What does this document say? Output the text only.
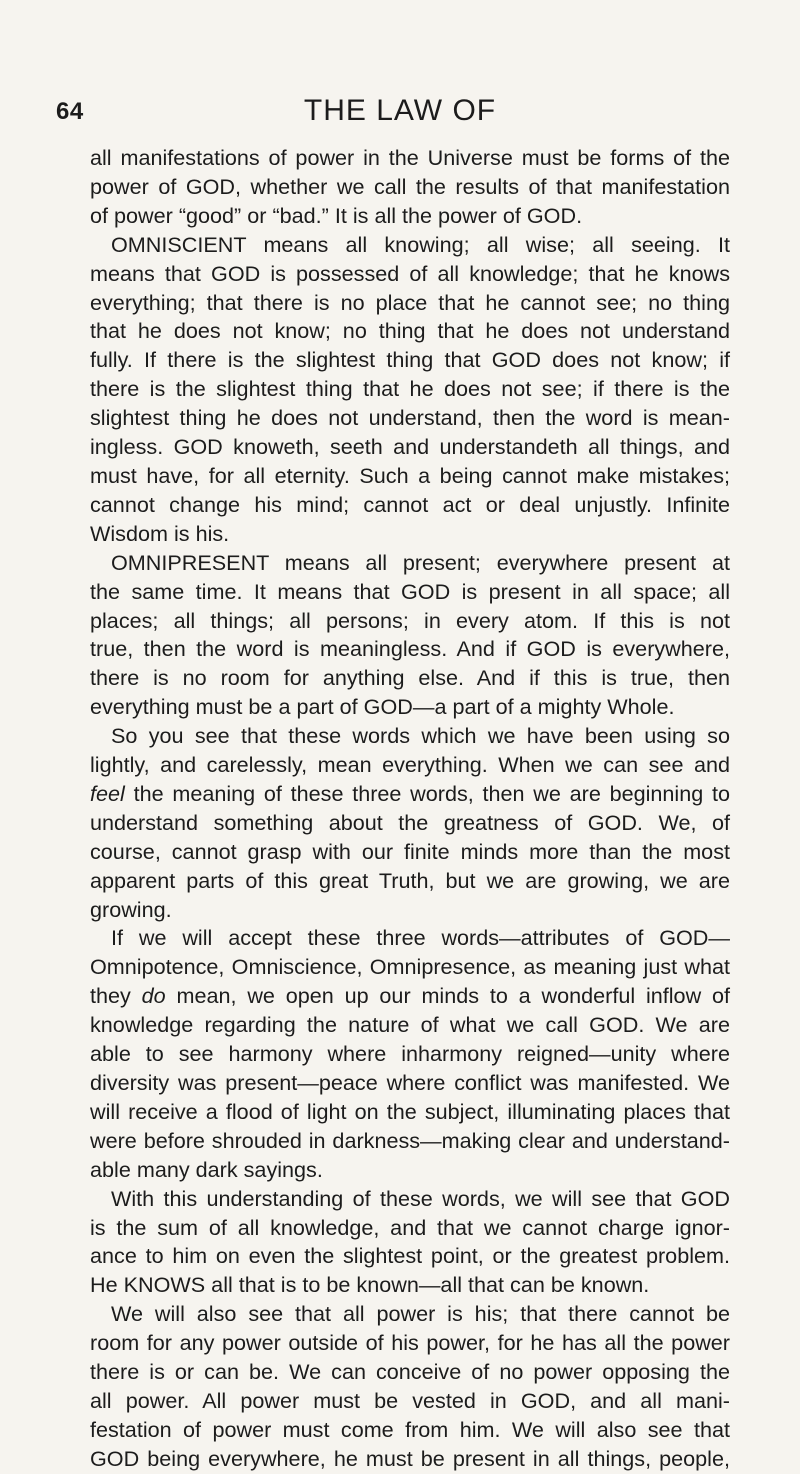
64	THE LAW OF
all manifestations of power in the Universe must be forms of the
power of GOD, whether we call the results of that manifestation
of power “good” or “bad.” It is all the power of GOD.
OMNISCIENT means all knowing; all wise; all seeing. It
means that GOD is possessed of all knowledge; that he knows
everything; that there is no place that he cannot see; no thing
that he does not know; no thing that he does not understand
fully. If there is the slightest thing that GOD does not know; if
there is the slightest thing that he does not see; if there is the
slightest thing he does not understand, then the word is mean-
ingless. GOD knoweth, seeth and understandeth all things, and
must have, for all eternity. Such a being cannot make mistakes;
cannot change his mind; cannot act or deal unjustly. Infinite
Wisdom is his.
OMNIPRESENT means all present; everywhere present at
the same time. It means that GOD is present in all space; all
places; all things; all persons; in every atom. If this is not
true, then the word is meaningless. And if GOD is everywhere,
there is no room for anything else. And if this is true, then
everything must be a part of GOD—a part of a mighty Whole.
So you see that these words which we have been using so
lightly, and carelessly, mean everything. When we can see and
feel the meaning of these three words, then we are beginning to
understand something about the greatness of GOD. We, of
course, cannot grasp with our finite minds more than the most
apparent parts of this great Truth, but we are growing, we are
growing.
If we will accept these three words—attributes of GOD—
Omnipotence, Omniscience, Omnipresence, as meaning just what
they do mean, we open up our minds to a wonderful inflow of
knowledge regarding the nature of what we call GOD. We are
able to see harmony where inharmony reigned—unity where
diversity was present—peace where conflict was manifested. We
will receive a flood of light on the subject, illuminating places that
were before shrouded in darkness—making clear and understand-
able many dark sayings.
With this understanding of these words, we will see that GOD
is the sum of all knowledge, and that we cannot charge ignor-
ance to him on even the slightest point, or the greatest problem.
He KNOWS all that is to be known—all that can be known.
We will also see that all power is his; that there cannot be
room for any power outside of his power, for he has all the power
there is or can be. We can conceive of no power opposing the
all power. All power must be vested in GOD, and all mani-
festation of power must come from him. We will also see that
GOD being everywhere, he must be present in all things, people,
